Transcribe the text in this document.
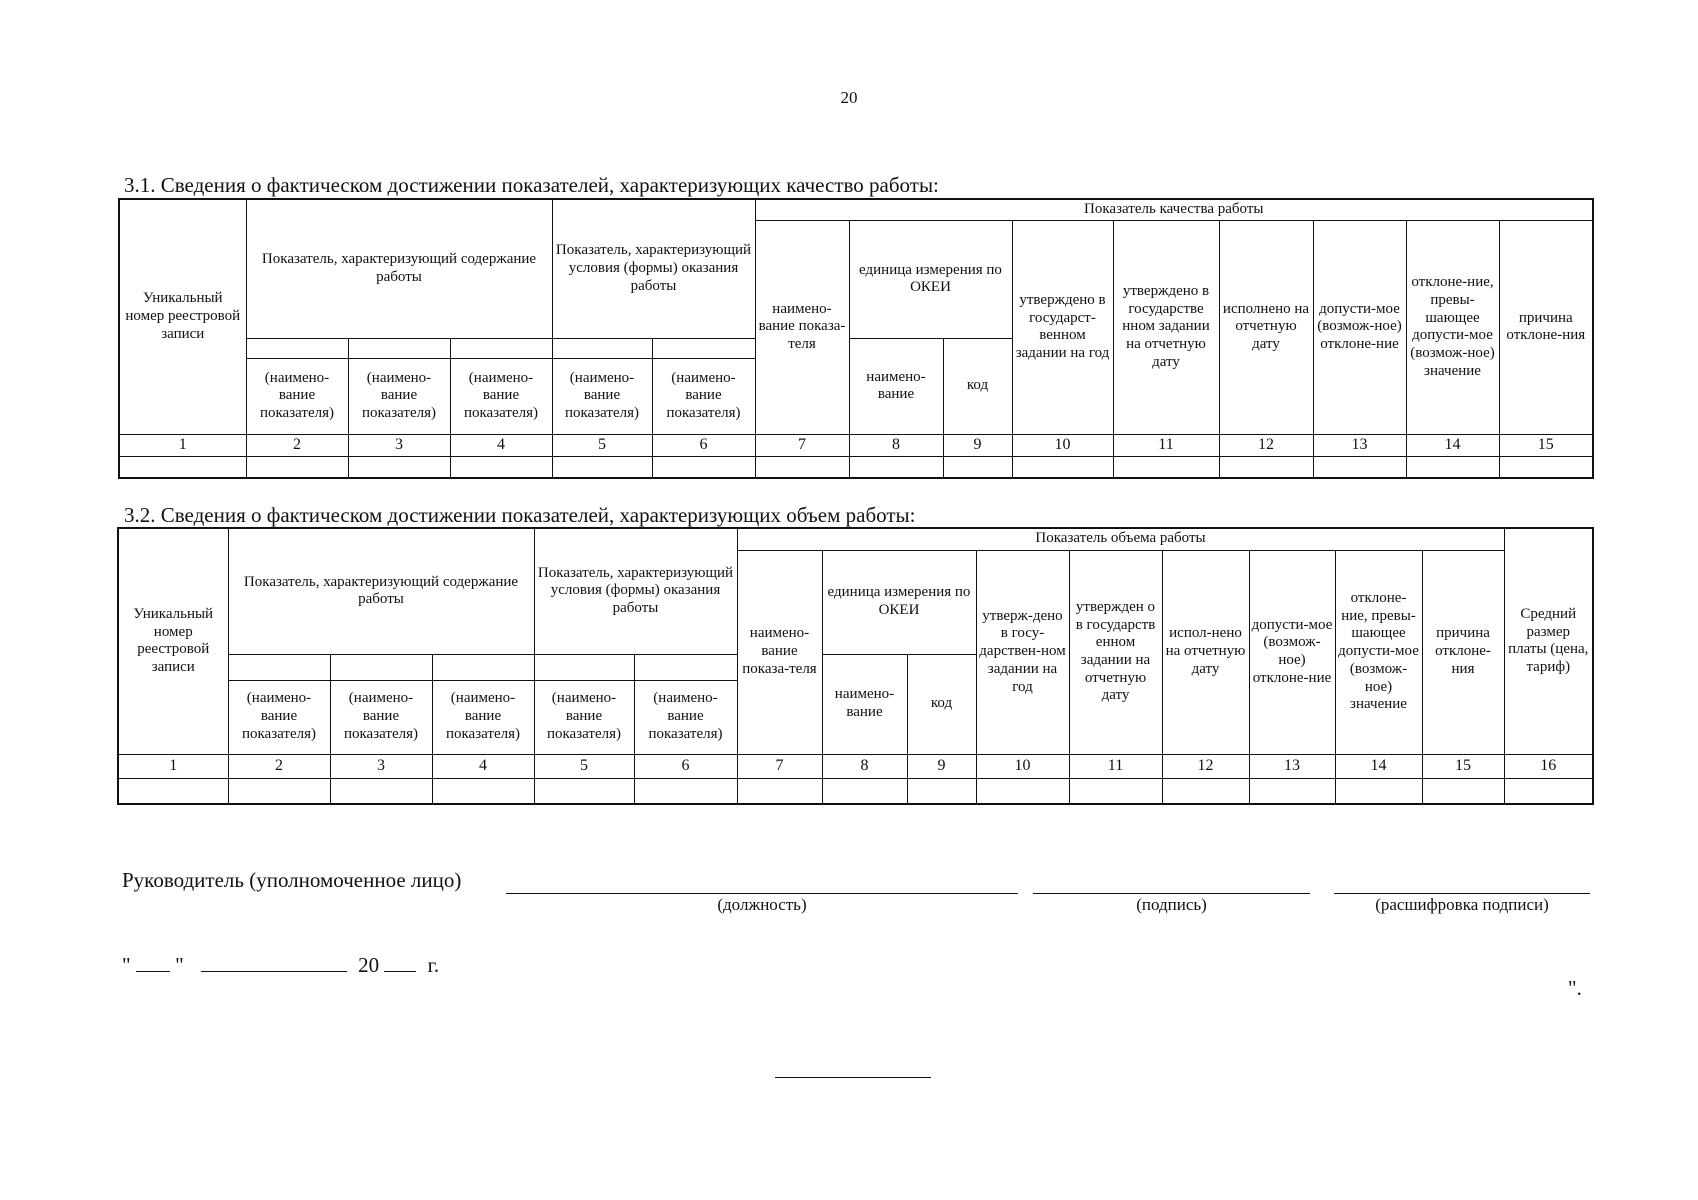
20
3.1. Сведения о фактическом достижении показателей, характеризующих качество работы:
Уникальный номер реестровой записи	Показатель, характеризующий содержание работы			Показатель, характеризующий условия (формы) оказания работы		Показатель качества работы								
						наимено-вание показа-теля	единица измерения по ОКЕИ		утверждено в государст-венном задании на год	утверждено в государстве нном задании на отчетную дату	исполнено на отчетную дату	допусти-мое (возмож-ное) отклоне-ние	отклоне-ние, превы-шающее допусти-мое (возмож-ное) значение	причина отклоне-ния
							наимено-вание	код						
	(наимено-вание показателя)	(наимено-вание показателя)	(наимено-вание показателя)	(наимено-вание показателя)	(наимено-вание показателя)									
1	2	3	4	5	6	7	8	9	10	11	12	13	14	15

3.2. Сведения о фактическом достижении показателей, характеризующих объем работы:
Уникальный номер реестровой записи	Показатель, характеризующий содержание работы			Показатель, характеризующий условия (формы) оказания работы		Показатель объема работы									Средний размер платы (цена, тариф)
						наимено-вание показа-теля	единица измерения по ОКЕИ		утверж-дено в госу-дарствен-ном задании на год	утвержден о в государств енном задании на отчетную дату	испол-нено на отчетную дату	допусти-мое (возмож-ное) отклоне-ние	отклоне-ние, превы-шающее допусти-мое (возмож-ное) значение	причина отклоне-ния	
							наимено-вание	код							
	(наимено-вание показателя)	(наимено-вание показателя)	(наимено-вание показателя)	(наимено-вание показателя)	(наимено-вание показателя)										
1	2	3	4	5	6	7	8	9	10	11	12	13	14	15	16

Руководитель (уполномоченное лицо)
(должность)	(подпись)	(расшифровка подписи)
" "	20 г.
".
